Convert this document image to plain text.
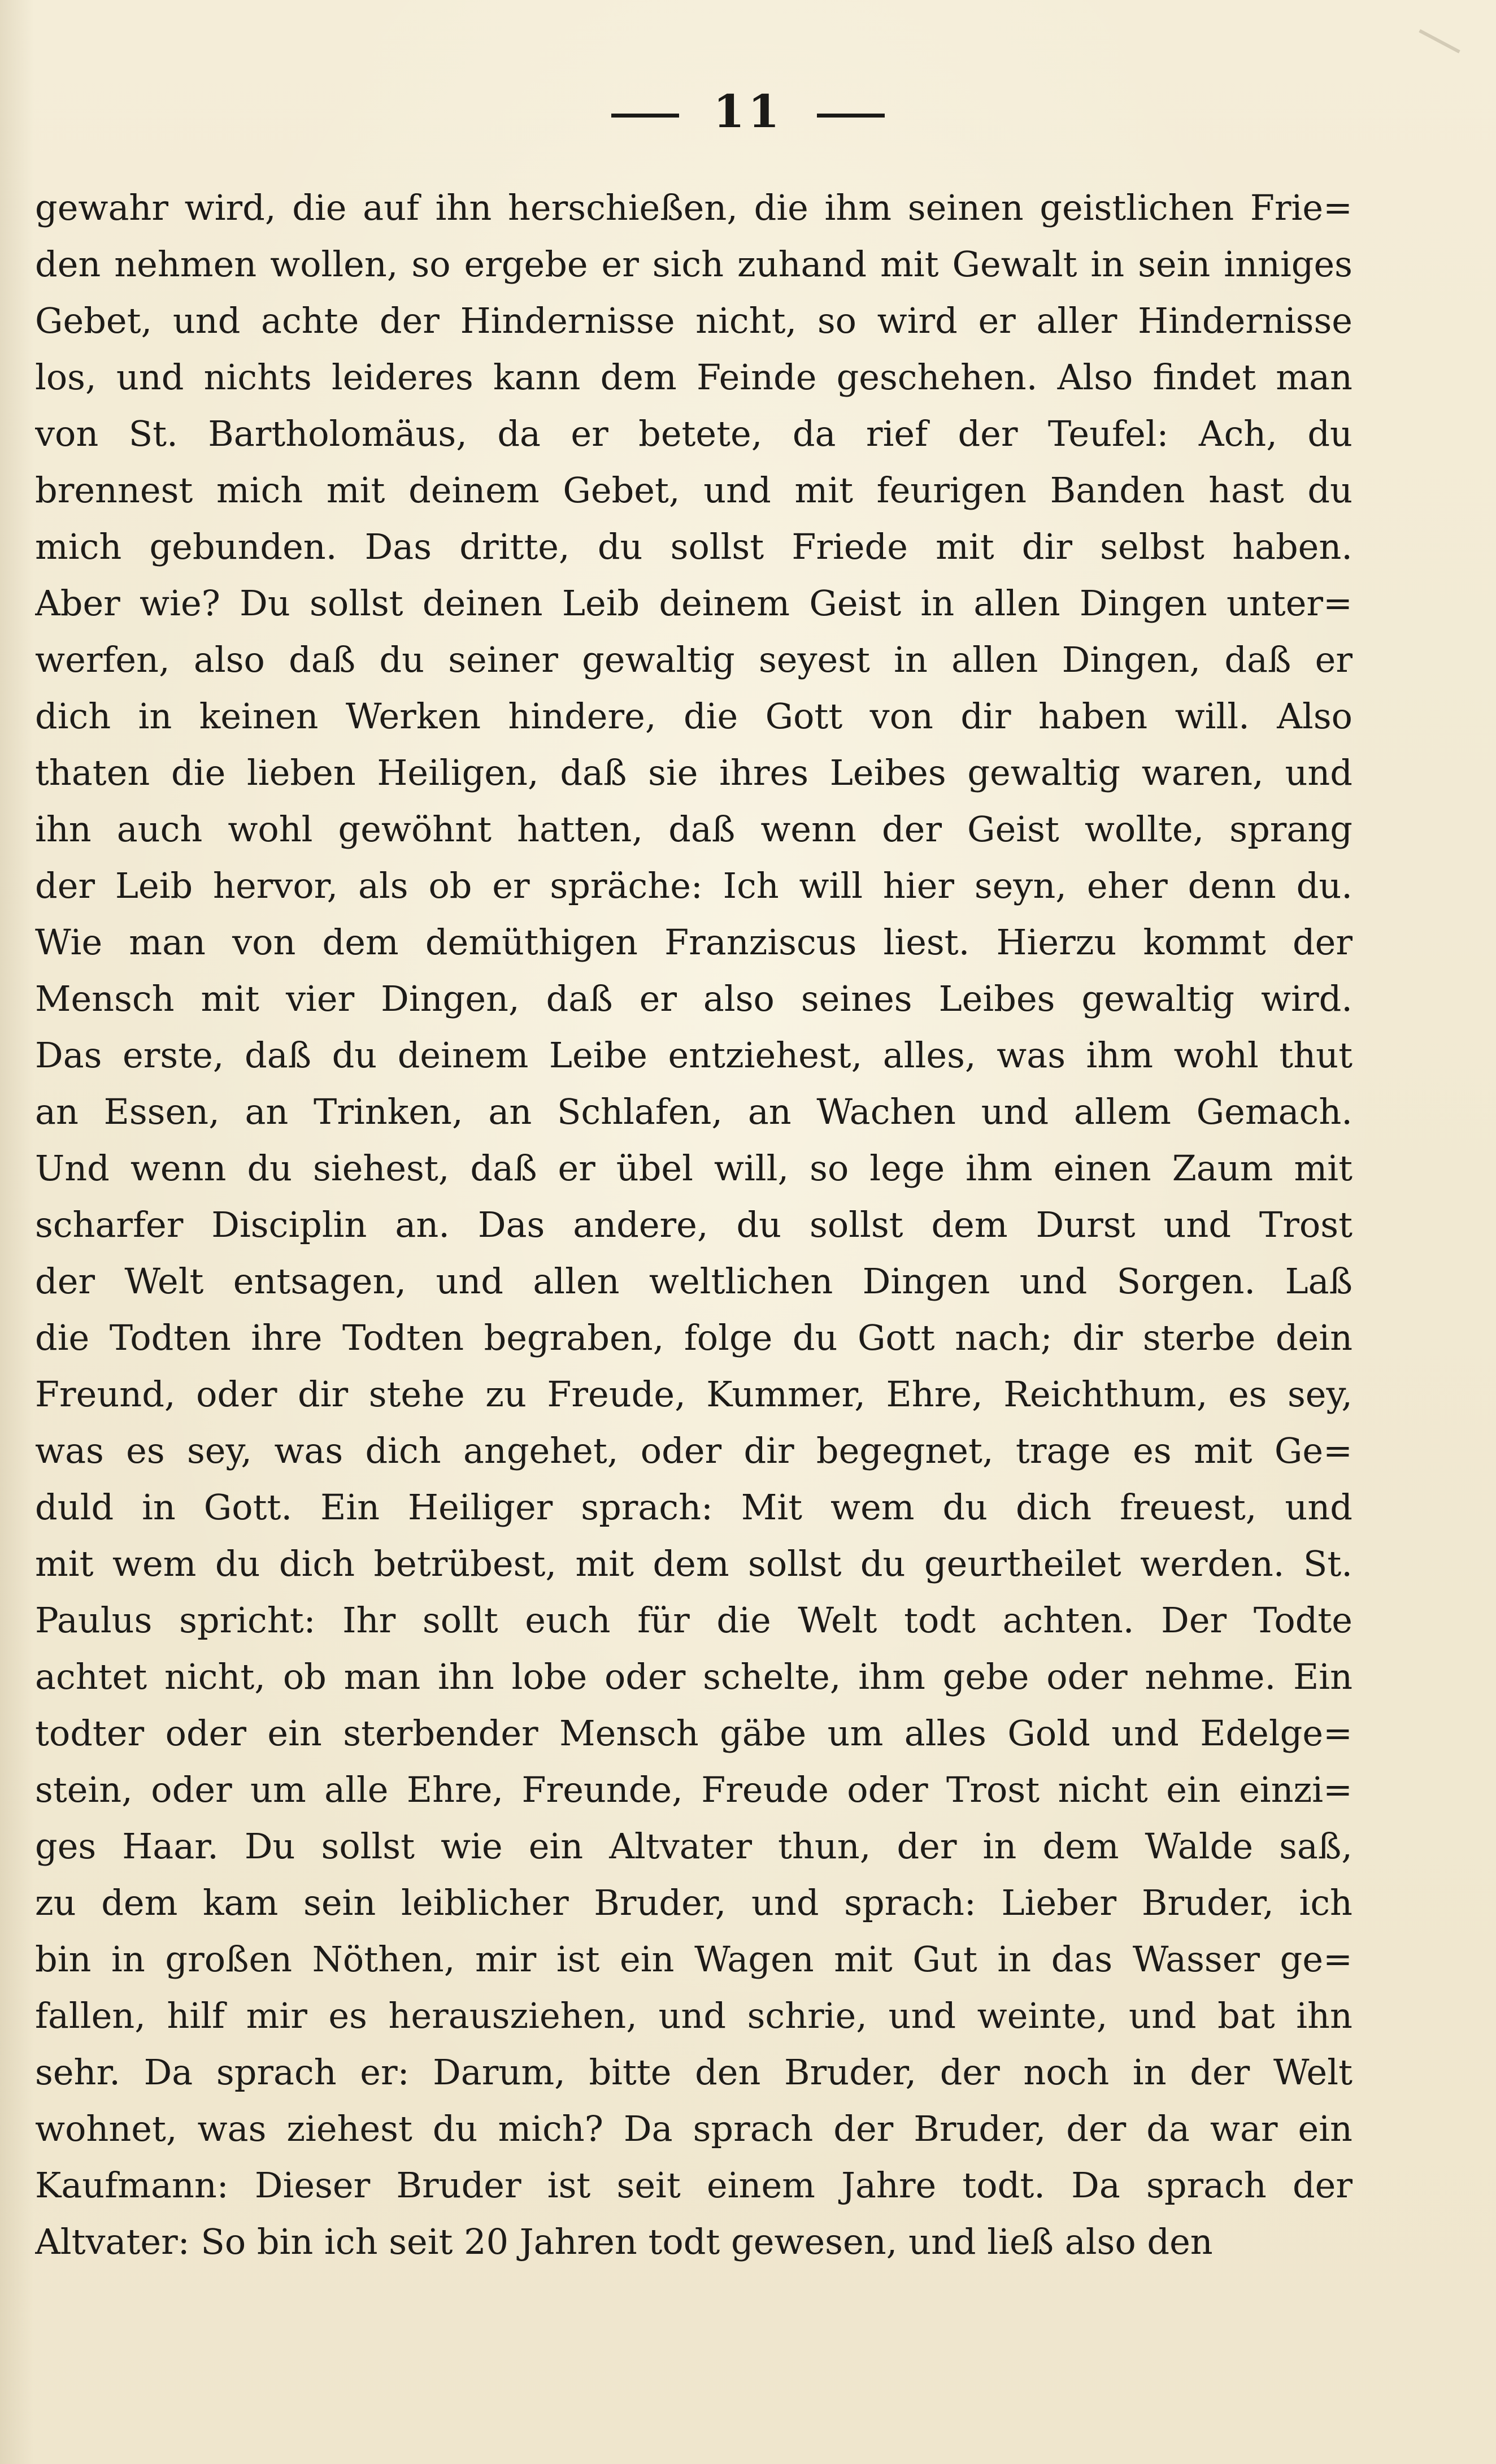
11
gewahr wird, die auf ihn herschießen, die ihm seinen geistlichen Frie=
den nehmen wollen, so ergebe er sich zuhand mit Gewalt in sein inniges
Gebet, und achte der Hindernisse nicht, so wird er aller Hindernisse
los, und nichts leideres kann dem Feinde geschehen. Also findet man
von St. Bartholomäus, da er betete, da rief der Teufel: Ach, du
brennest mich mit deinem Gebet, und mit feurigen Banden hast du
mich gebunden. Das dritte, du sollst Friede mit dir selbst haben.
Aber wie? Du sollst deinen Leib deinem Geist in allen Dingen unter=
werfen, also daß du seiner gewaltig seyest in allen Dingen, daß er
dich in keinen Werken hindere, die Gott von dir haben will. Also
thaten die lieben Heiligen, daß sie ihres Leibes gewaltig waren, und
ihn auch wohl gewöhnt hatten, daß wenn der Geist wollte, sprang
der Leib hervor, als ob er spräche: Ich will hier seyn, eher denn du.
Wie man von dem demüthigen Franziscus liest. Hierzu kommt der
Mensch mit vier Dingen, daß er also seines Leibes gewaltig wird.
Das erste, daß du deinem Leibe entziehest, alles, was ihm wohl thut
an Essen, an Trinken, an Schlafen, an Wachen und allem Gemach.
Und wenn du siehest, daß er übel will, so lege ihm einen Zaum mit
scharfer Disciplin an. Das andere, du sollst dem Durst und Trost
der Welt entsagen, und allen weltlichen Dingen und Sorgen. Laß
die Todten ihre Todten begraben, folge du Gott nach; dir sterbe dein
Freund, oder dir stehe zu Freude, Kummer, Ehre, Reichthum, es sey,
was es sey, was dich angehet, oder dir begegnet, trage es mit Ge=
duld in Gott. Ein Heiliger sprach: Mit wem du dich freuest, und
mit wem du dich betrübest, mit dem sollst du geurtheilet werden. St.
Paulus spricht: Ihr sollt euch für die Welt todt achten. Der Todte
achtet nicht, ob man ihn lobe oder schelte, ihm gebe oder nehme. Ein
todter oder ein sterbender Mensch gäbe um alles Gold und Edelge=
stein, oder um alle Ehre, Freunde, Freude oder Trost nicht ein einzi=
ges Haar. Du sollst wie ein Altvater thun, der in dem Walde saß,
zu dem kam sein leiblicher Bruder, und sprach: Lieber Bruder, ich
bin in großen Nöthen, mir ist ein Wagen mit Gut in das Wasser ge=
fallen, hilf mir es herausziehen, und schrie, und weinte, und bat ihn
sehr. Da sprach er: Darum, bitte den Bruder, der noch in der Welt
wohnet, was ziehest du mich? Da sprach der Bruder, der da war ein
Kaufmann: Dieser Bruder ist seit einem Jahre todt. Da sprach der
Altvater: So bin ich seit 20 Jahren todt gewesen, und ließ also den
